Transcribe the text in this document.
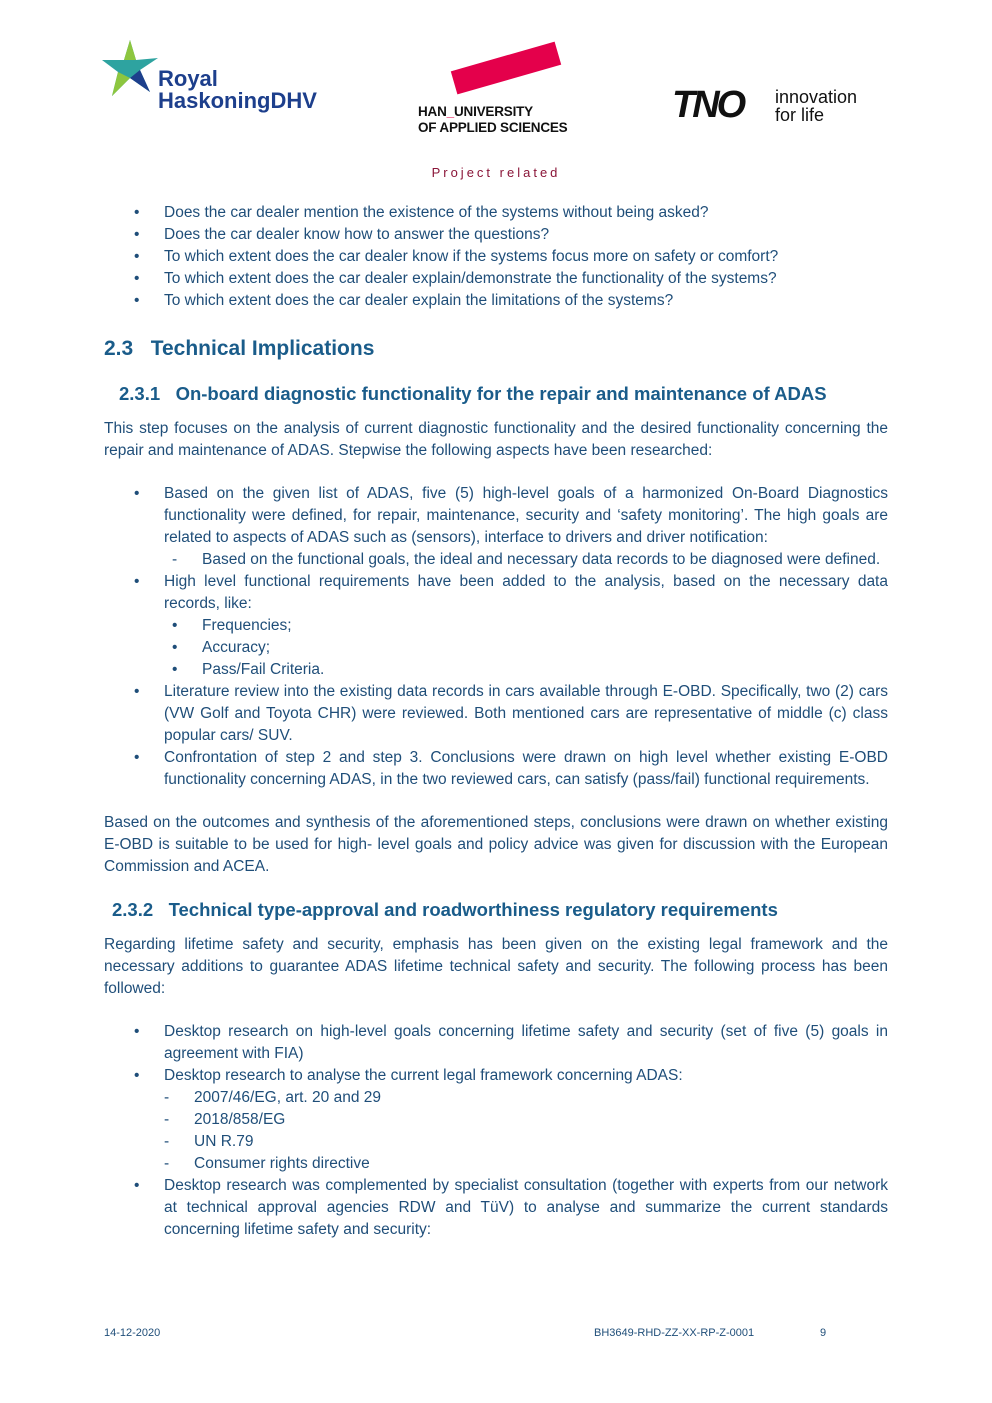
Royal
HaskoningDHV	HAN_UNIVERSITY
OF APPLIED SCIENCES
TNO innovation
for life
Project related
• Does the car dealer mention the existence of the systems without being asked?
• Does the car dealer know how to answer the questions?
• To which extent does the car dealer know if the systems focus more on safety or comfort?
• To which extent does the car dealer explain/demonstrate the functionality of the systems?
• To which extent does the car dealer explain the limitations of the systems?
2.3 Technical Implications
2.3.1 On-board diagnostic functionality for the repair and maintenance of ADAS

This step focuses on the analysis of current diagnostic functionality and the desired functionality concerning the repair and maintenance of ADAS. Stepwise the following aspects have been researched:

• Based on the given list of ADAS, five (5) high-level goals of a harmonized On-Board Diagnostics functionality were defined, for repair, maintenance, security and ‘safety monitoring’. The high goals are related to aspects of ADAS such as (sensors), interface to drivers and driver notification:
- Based on the functional goals, the ideal and necessary data records to be diagnosed were defined.
• High level functional requirements have been added to the analysis, based on the necessary data records, like:
• Frequencies;
• Accuracy;
• Pass/Fail Criteria.
• Literature review into the existing data records in cars available through E-OBD. Specifically, two (2) cars (VW Golf and Toyota CHR) were reviewed. Both mentioned cars are representative of middle (c) class popular cars/ SUV.
• Confrontation of step 2 and step 3. Conclusions were drawn on high level whether existing E-OBD functionality concerning ADAS, in the two reviewed cars, can satisfy (pass/fail) functional requirements.

Based on the outcomes and synthesis of the aforementioned steps, conclusions were drawn on whether existing E-OBD is suitable to be used for high- level goals and policy advice was given for discussion with the European Commission and ACEA.

2.3.2 Technical type-approval and roadworthiness regulatory requirements

Regarding lifetime safety and security, emphasis has been given on the existing legal framework and the necessary additions to guarantee ADAS lifetime technical safety and security. The following process has been followed:

• Desktop research on high-level goals concerning lifetime safety and security (set of five (5) goals in agreement with FIA)
• Desktop research to analyse the current legal framework concerning ADAS:
- 2007/46/EG, art. 20 and 29
- 2018/858/EG
- UN R.79
- Consumer rights directive
• Desktop research was complemented by specialist consultation (together with experts from our network at technical approval agencies RDW and TüV) to analyse and summarize the current standards concerning lifetime safety and security:
14-12-2020	BH3649-RHD-ZZ-XX-RP-Z-0001	9
